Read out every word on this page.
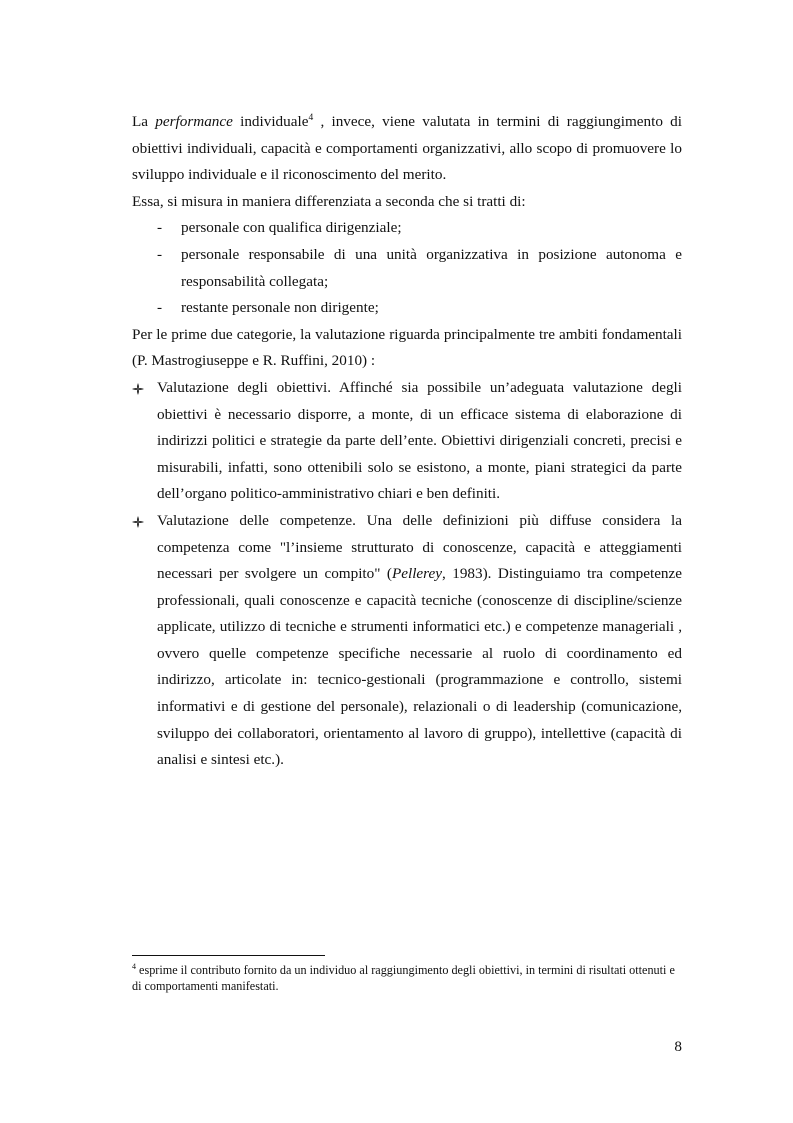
La performance individuale$^4$ , invece, viene valutata in termini di raggiungimento di obiettivi individuali, capacità e comportamenti organizzativi, allo scopo di promuovere lo sviluppo individuale e il riconoscimento del merito.

Essa, si misura in maniera differenziata a seconda che si tratti di:

- personale con qualifica dirigenziale;
- personale responsabile di una unità organizzativa in posizione autonoma e responsabilità collegata;
- restante personale non dirigente;

Per le prime due categorie, la valutazione riguarda principalmente tre ambiti fondamentali (P. Mastrogiuseppe e R. Ruffini, 2010) :

Valutazione degli obiettivi. Affinché sia possibile un’adeguata valutazione degli obiettivi è necessario disporre, a monte, di un efficace sistema di elaborazione di indirizzi politici e strategie da parte dell’ente. Obiettivi dirigenziali concreti, precisi e misurabili, infatti, sono ottenibili solo se esistono, a monte, piani strategici da parte dell’organo politico-amministrativo chiari e ben definiti.
Valutazione delle competenze. Una delle definizioni più diffuse considera la competenza come "l’insieme strutturato di conoscenze, capacità e atteggiamenti necessari per svolgere un compito" (Pellerey, 1983). Distinguiamo tra competenze professionali, quali conoscenze e capacità tecniche (conoscenze di discipline/scienze applicate, utilizzo di tecniche e strumenti informatici etc.) e competenze manageriali , ovvero quelle competenze specifiche necessarie al ruolo di coordinamento ed indirizzo, articolate in: tecnico-gestionali (programmazione e controllo, sistemi informativi e di gestione del personale), relazionali o di leadership (comunicazione, sviluppo dei collaboratori, orientamento al lavoro di gruppo), intellettive (capacità di analisi e sintesi etc.).
$^4$ esprime il contributo fornito da un individuo al raggiungimento degli obiettivi, in termini di risultati ottenuti e di comportamenti manifestati.
8
